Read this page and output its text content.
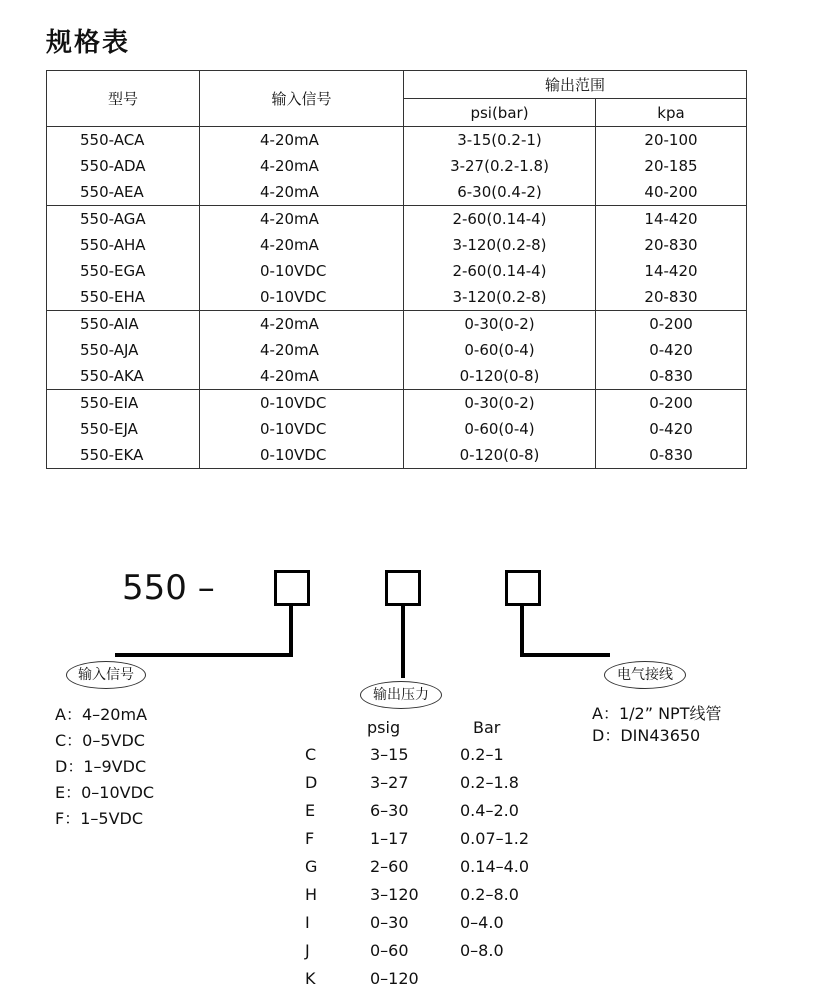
规格表
型号	输入信号	输出范围	
		psi(bar)	kpa
550-ACA	4-20mA	3-15(0.2-1)	20-100
550-ADA	4-20mA	3-27(0.2-1.8)	20-185
550-AEA	4-20mA	6-30(0.4-2)	40-200
550-AGA	4-20mA	2-60(0.14-4)	14-420
550-AHA	4-20mA	3-120(0.2-8)	20-830
550-EGA	0-10VDC	2-60(0.14-4)	14-420
550-EHA	0-10VDC	3-120(0.2-8)	20-830
550-AIA	4-20mA	0-30(0-2)	0-200
550-AJA	4-20mA	0-60(0-4)	0-420
550-AKA	4-20mA	0-120(0-8)	0-830
550-EIA	0-10VDC	0-30(0-2)	0-200
550-EJA	0-10VDC	0-60(0-4)	0-420
550-EKA	0-10VDC	0-120(0-8)	0-830
550 –
输入信号
输出压力
电气接线
A：4–20mA
C：0–5VDC
D：1–9VDC
E：0–10VDC
F：1–5VDC
psig	Bar
C	3–15	0.2–1
D	3–27	0.2–1.8
E	6–30	0.4–2.0
F	1–17	0.07–1.2
G	2–60	0.14–4.0
H	3–120	0.2–8.0
I	0–30	0–4.0
J	0–60	0–8.0
K	0–120
A：1/2” NPT线管
D：DIN43650
